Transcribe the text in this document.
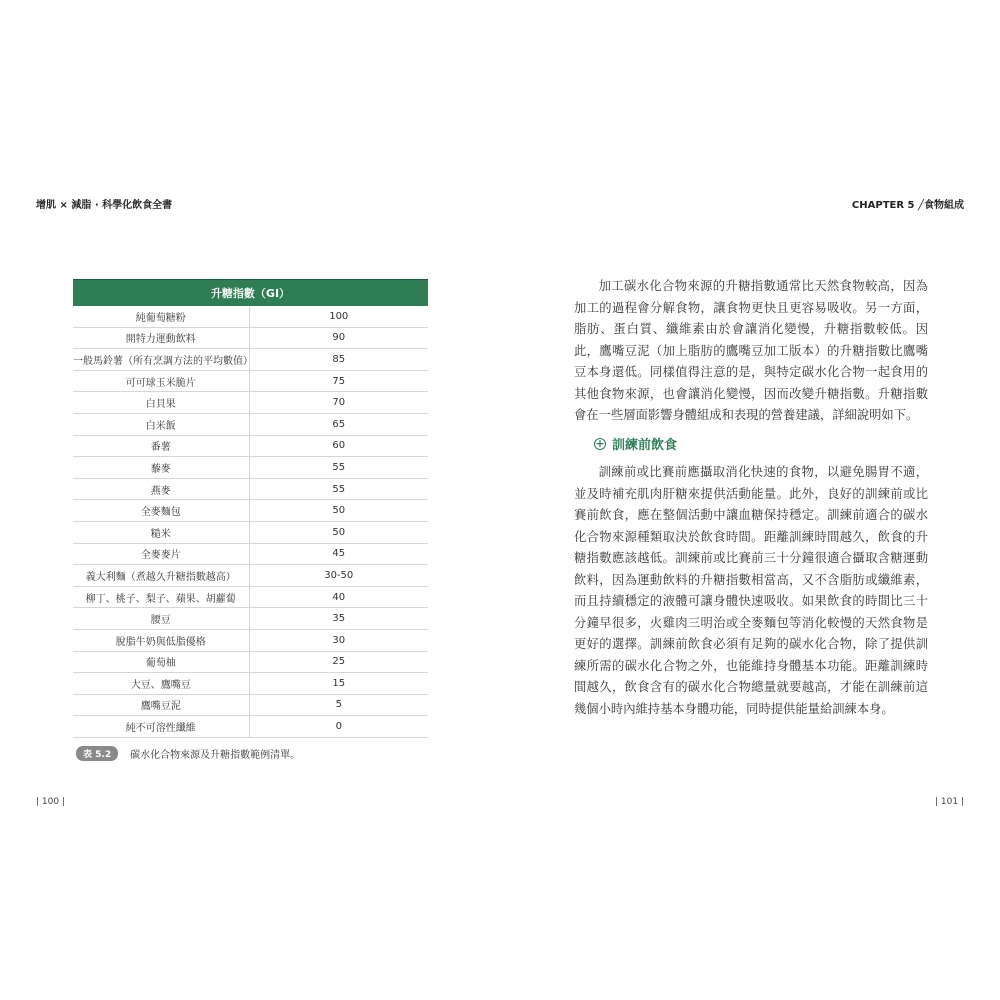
增肌 × 減脂 · 科學化飲食全書	CHAPTER 5 ╱食物組成
升糖指數（GI）	
純葡萄糖粉	100
開特力運動飲料	90
一般馬鈴薯（所有烹調方法的平均數值）	85
可可球玉米脆片	75
白貝果	70
白米飯	65
番薯	60
藜麥	55
燕麥	55
全麥麵包	50
糙米	50
全麥麥片	45
義大利麵（煮越久升糖指數越高）	30-50
柳丁、桃子、梨子、蘋果、胡蘿蔔	40
腰豆	35
脫脂牛奶與低脂優格	30
葡萄柚	25
大豆、鷹嘴豆	15
鷹嘴豆泥	5
純不可溶性纖維	0
表 5.2	碳水化合物來源及升糖指數範例清單。
| 100 |	| 101 |

加工碳水化合物來源的升糖指數通常比天然食物較高，因為加工的過程會分解食物，讓食物更快且更容易吸收。另一方面，脂肪、蛋白質、纖維素由於會讓消化變慢，升糖指數較低。因此，鷹嘴豆泥（加上脂肪的鷹嘴豆加工版本）的升糖指數比鷹嘴豆本身還低。同樣值得注意的是，與特定碳水化合物一起食用的其他食物來源，也會讓消化變慢，因而改變升糖指數。升糖指數會在一些層面影響身體組成和表現的營養建議，詳細說明如下。

+ 訓練前飲食

訓練前或比賽前應攝取消化快速的食物，以避免腸胃不適，並及時補充肌肉肝糖來提供活動能量。此外，良好的訓練前或比賽前飲食，應在整個活動中讓血糖保持穩定。訓練前適合的碳水化合物來源種類取決於飲食時間。距離訓練時間越久，飲食的升糖指數應該越低。訓練前或比賽前三十分鐘很適合攝取含糖運動飲料，因為運動飲料的升糖指數相當高，又不含脂肪或纖維素，而且持續穩定的液體可讓身體快速吸收。如果飲食的時間比三十分鐘早很多，火雞肉三明治或全麥麵包等消化較慢的天然食物是更好的選擇。訓練前飲食必須有足夠的碳水化合物，除了提供訓練所需的碳水化合物之外，也能維持身體基本功能。距離訓練時間越久，飲食含有的碳水化合物總量就要越高，才能在訓練前這幾個小時內維持基本身體功能，同時提供能量給訓練本身。
